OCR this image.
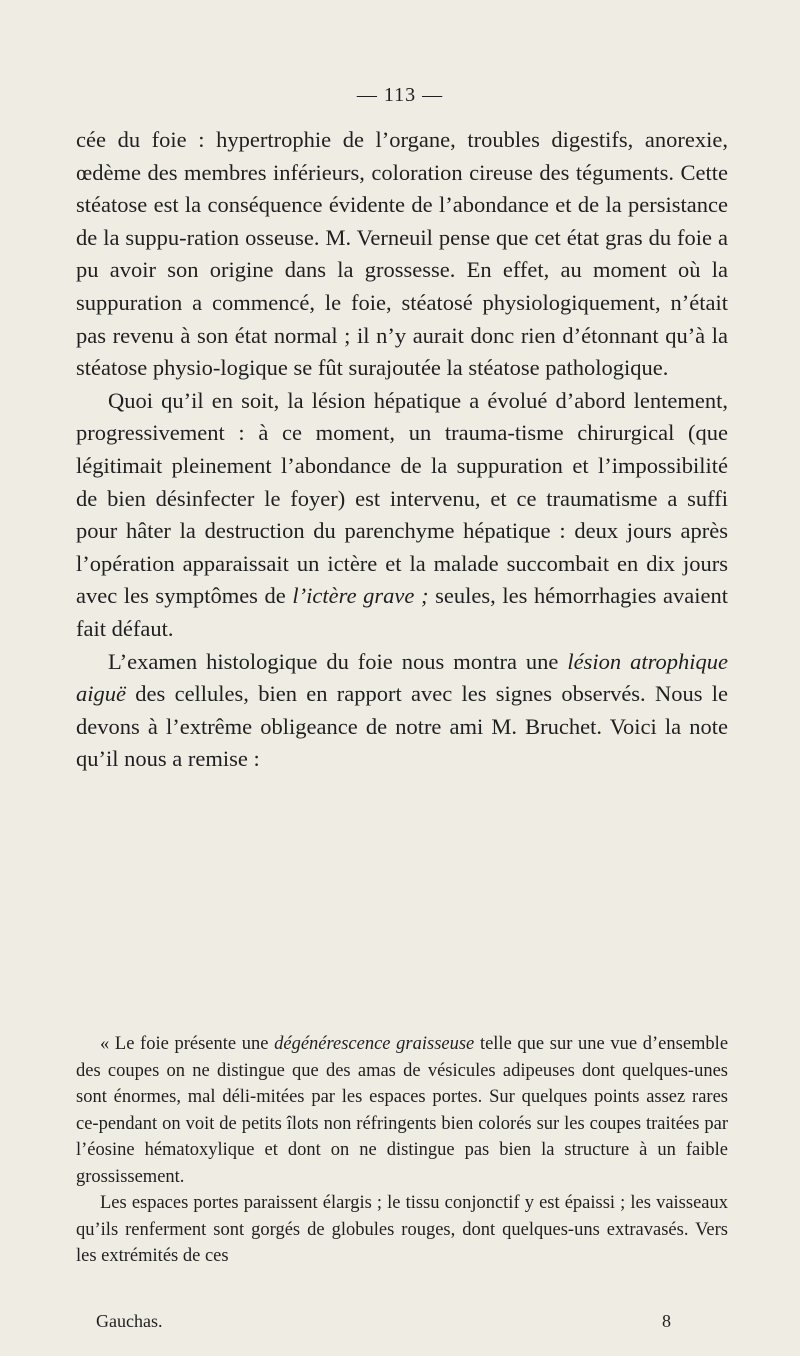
— 113 —

cée du foie : hypertrophie de l’organe, troubles digestifs, anorexie, œdème des membres inférieurs, coloration cireuse des téguments. Cette stéatose est la conséquence évidente de l’abondance et de la persistance de la suppu-ration osseuse. M. Verneuil pense que cet état gras du foie a pu avoir son origine dans la grossesse. En effet, au moment où la suppuration a commencé, le foie, stéatosé physiologiquement, n’était pas revenu à son état normal ; il n’y aurait donc rien d’étonnant qu’à la stéatose physio-logique se fût surajoutée la stéatose pathologique.

Quoi qu’il en soit, la lésion hépatique a évolué d’abord lentement, progressivement : à ce moment, un trauma-tisme chirurgical (que légitimait pleinement l’abondance de la suppuration et l’impossibilité de bien désinfecter le foyer) est intervenu, et ce traumatisme a suffi pour hâter la destruction du parenchyme hépatique : deux jours après l’opération apparaissait un ictère et la malade succombait en dix jours avec les symptômes de l’ictère grave ; seules, les hémorrhagies avaient fait défaut.

L’examen histologique du foie nous montra une lésion atrophique aiguë des cellules, bien en rapport avec les signes observés. Nous le devons à l’extrême obligeance de notre ami M. Bruchet. Voici la note qu’il nous a remise :

« Le foie présente une dégénérescence graisseuse telle que sur une vue d’ensemble des coupes on ne distingue que des amas de vésicules adipeuses dont quelques-unes sont énormes, mal déli-mitées par les espaces portes. Sur quelques points assez rares ce-pendant on voit de petits îlots non réfringents bien colorés sur les coupes traitées par l’éosine hématoxylique et dont on ne distingue pas bien la structure à un faible grossissement.

Les espaces portes paraissent élargis ; le tissu conjonctif y est épaissi ; les vaisseaux qu’ils renferment sont gorgés de globules rouges, dont quelques-uns extravasés. Vers les extrémités de ces

Gauchas.	8
